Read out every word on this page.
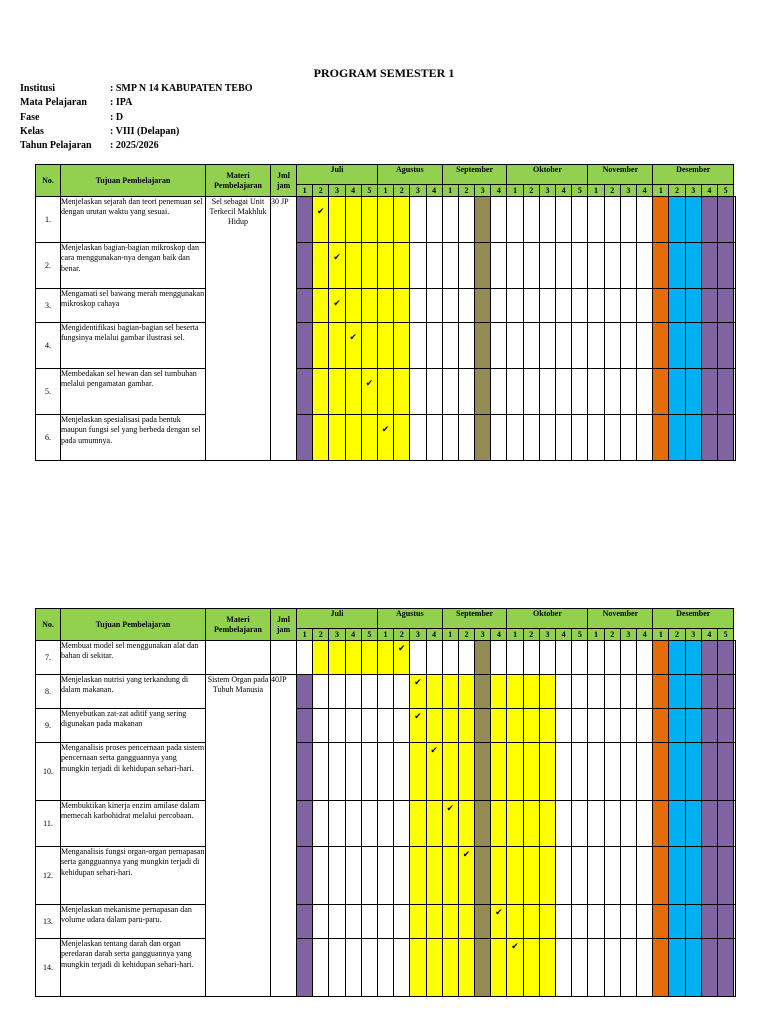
PROGRAM SEMESTER 1
Institusi	: SMP N 14 KABUPATEN TEBO
Mata Pelajaran	: IPA
Fase	: D
Kelas	: VIII (Delapan)
Tahun Pelajaran	: 2025/2026
No.	Tujuan Pembelajaran	Materi Pembelajaran	Jml jam	Juli					Agustus				September				Oktober					November				Desember					
				1	2	3	4	5	1	2	3	4	1	2	3	4	1	2	3	4	5	1	2	3	4	1	2	3	4	5	
1.	Menjelaskan sejarah dan teori penemuan sel dengan urutan waktu yang sesuai.	Sel sebagai Unit Terkecil Makhluk Hidup	30 JP		✔																										

2.	Menjelaskan bagian-bagian mikroskop dan cara menggunakan-nya dengan baik dan benar.					✔																									

3.	Mengamati sel bawang merah menggunakan mikroskop cahaya					✔																									

4.	Mengidentifikasi bagian-bagian sel beserta fungsinya melalui gambar ilustrasi sel.						✔																								

5.	Membedakan sel hewan dan sel tumbuhan melalui pengamatan gambar.							✔																							

6.	Menjelaskan spesialisasi pada bentuk maupun fungsi sel yang berbeda dengan sel pada umumnya.								✔																						

No.	Tujuan Pembelajaran	Materi Pembelajaran	Jml jam	Juli					Agustus				September				Oktober					November				Desember					
				1	2	3	4	5	1	2	3	4	1	2	3	4	1	2	3	4	5	1	2	3	4	1	2	3	4	5	
7.	Membuat model sel menggunakan alat dan bahan di sekitar.									✔																					

8.	Menjelaskan nutrisi yang terkandung di dalam makanan.	Sistem Organ pada Tubuh Manusia	40JP								✔																				

9.	Menyebutkan zat-zat aditif yang sering digunakan pada makanan										✔																				

10.	Menganalisis proses pencernaan pada sistem pencernaan serta gangguannya yang mungkin terjadi di kehidupan sehari-hari.											✔																			

11.	Membuktikan kinerja enzim amilase dalam memecah karbohidrat melalui percobaan.												✔																		

12.	Menganalisis fungsi organ-organ pernapasan serta gangguannya yang mungkin terjadi di kehidupan sehari-hari.													✔																	

13.	Menjelaskan mekanisme pernapasan dan volume udara dalam paru-paru.															✔															

14.	Menjelaskan tentang darah dan organ peredaran darah serta gangguannya yang mungkin terjadi di kehidupan sehari-hari.																✔														
